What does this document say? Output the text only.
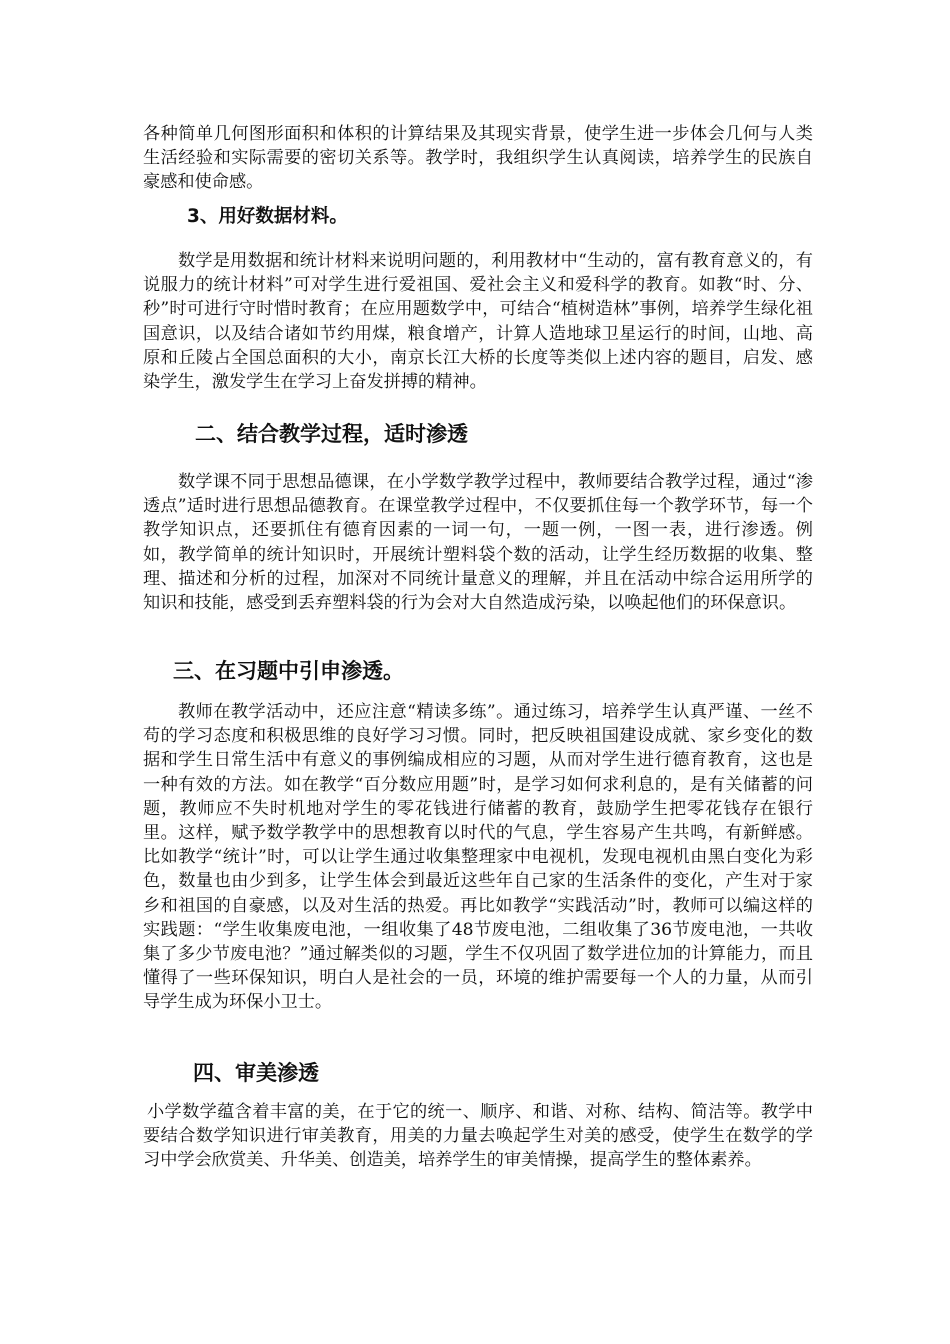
各种简单几何图形面积和体积的计算结果及其现实背景，使学生进一步体会几何与人类生活经验和实际需要的密切关系等。教学时，我组织学生认真阅读，培养学生的民族自豪感和使命感。

3、用好数据材料。

数学是用数据和统计材料来说明问题的，利用教材中“生动的，富有教育意义的，有说服力的统计材料”可对学生进行爱祖国、爱社会主义和爱科学的教育。如教“时、分、秒”时可进行守时惜时教育；在应用题数学中，可结合“植树造林”事例，培养学生绿化祖国意识，以及结合诸如节约用煤，粮食增产，计算人造地球卫星运行的时间，山地、高原和丘陵占全国总面积的大小，南京长江大桥的长度等类似上述内容的题目，启发、感染学生，激发学生在学习上奋发拼搏的精神。

二、结合教学过程，适时渗透

数学课不同于思想品德课，在小学数学教学过程中，教师要结合教学过程，通过“渗透点”适时进行思想品德教育。在课堂教学过程中，不仅要抓住每一个教学环节，每一个教学知识点，还要抓住有德育因素的一词一句，一题一例，一图一表，进行渗透。例如，教学简单的统计知识时，开展统计塑料袋个数的活动，让学生经历数据的收集、整理、描述和分析的过程，加深对不同统计量意义的理解，并且在活动中综合运用所学的知识和技能，感受到丢弃塑料袋的行为会对大自然造成污染，以唤起他们的环保意识。

三、在习题中引申渗透。

教师在教学活动中，还应注意“精读多练”。通过练习，培养学生认真严谨、一丝不苟的学习态度和积极思维的良好学习习惯。同时，把反映祖国建设成就、家乡变化的数据和学生日常生活中有意义的事例编成相应的习题，从而对学生进行德育教育，这也是一种有效的方法。如在教学“百分数应用题”时，是学习如何求利息的，是有关储蓄的问题，教师应不失时机地对学生的零花钱进行储蓄的教育，鼓励学生把零花钱存在银行里。这样，赋予数学教学中的思想教育以时代的气息，学生容易产生共鸣，有新鲜感。比如教学“统计”时，可以让学生通过收集整理家中电视机，发现电视机由黑白变化为彩色，数量也由少到多，让学生体会到最近这些年自己家的生活条件的变化，产生对于家乡和祖国的自豪感，以及对生活的热爱。再比如教学“实践活动”时，教师可以编这样的实践题：“学生收集废电池，一组收集了48节废电池，二组收集了36节废电池，一共收集了多少节废电池？”通过解类似的习题，学生不仅巩固了数学进位加的计算能力，而且懂得了一些环保知识，明白人是社会的一员，环境的维护需要每一个人的力量，从而引导学生成为环保小卫士。

四、审美渗透

小学数学蕴含着丰富的美，在于它的统一、顺序、和谐、对称、结构、简洁等。教学中要结合数学知识进行审美教育，用美的力量去唤起学生对美的感受，使学生在数学的学习中学会欣赏美、升华美、创造美，培养学生的审美情操，提高学生的整体素养。
